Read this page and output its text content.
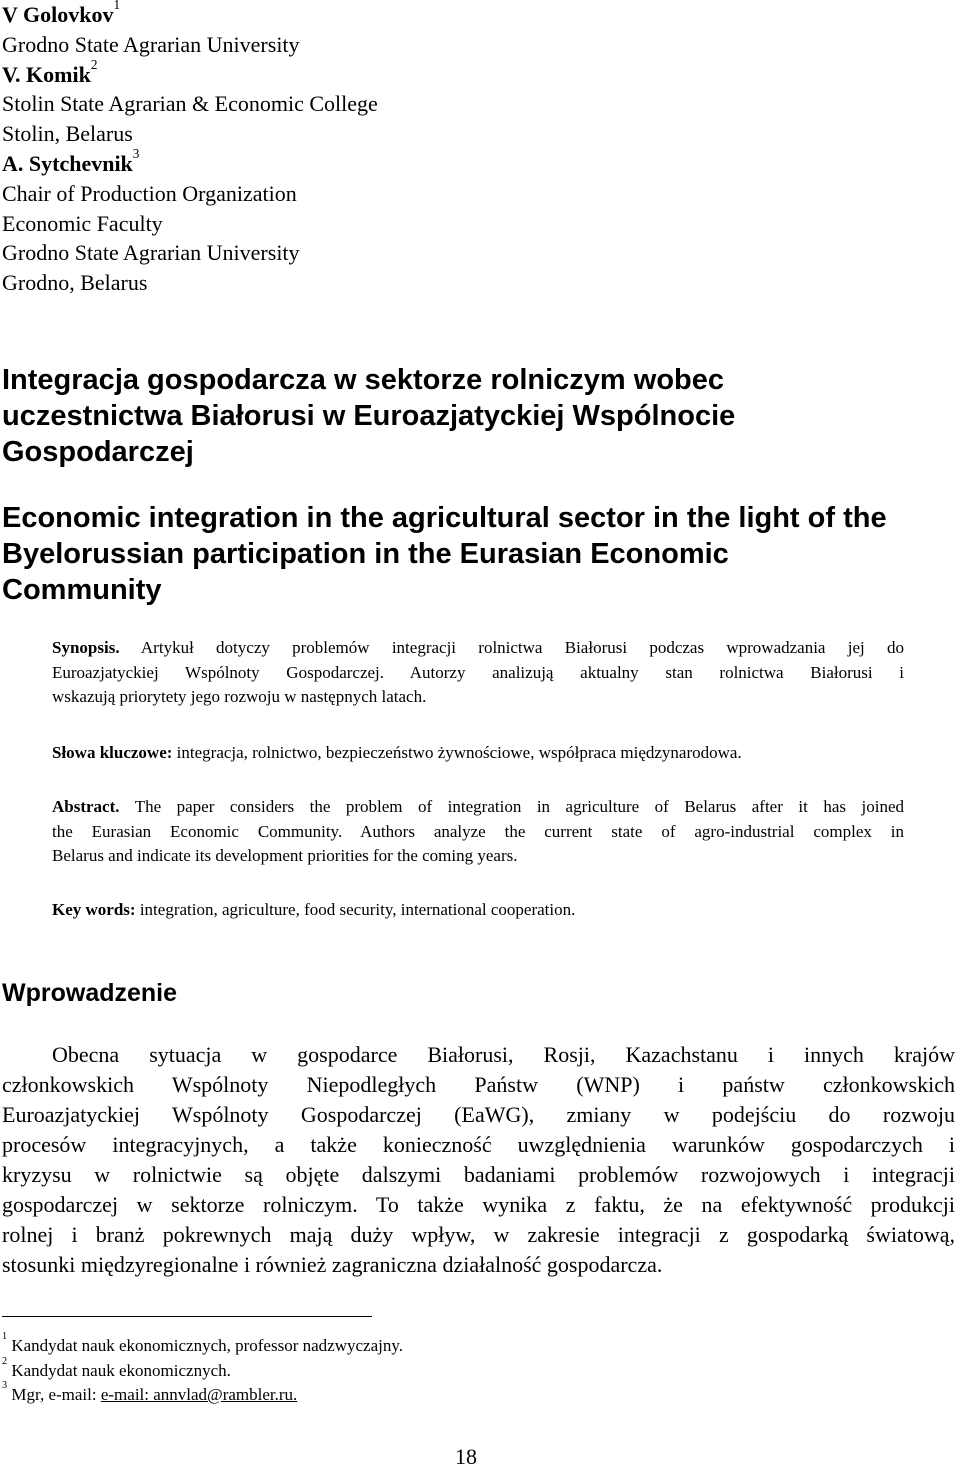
V Golovkov$^1$
Grodno State Agrarian University
V. Komik$^2$
Stolin State Agrarian & Economic College
Stolin, Belarus
A. Sytchevnik$^3$
Chair of Production Organization
Economic Faculty
Grodno State Agrarian University
Grodno, Belarus
Integracja gospodarcza w sektorze rolniczym wobec
uczestnictwa Białorusi w Euroazjatyckiej Wspólnocie
Gospodarczej
Economic integration in the agricultural sector in the light of the
Byelorussian participation in the Eurasian Economic
Community
Synopsis. Artykuł dotyczy problemów integracji rolnictwa Białorusi podczas wprowadzania jej do
Euroazjatyckiej Wspólnoty Gospodarczej. Autorzy analizują aktualny stan rolnictwa Białorusi i
wskazują priorytety jego rozwoju w następnych latach.
Słowa kluczowe: integracja, rolnictwo, bezpieczeństwo żywnościowe, współpraca międzynarodowa.
Abstract. The paper considers the problem of integration in agriculture of Belarus after it has joined
the Eurasian Economic Community. Authors analyze the current state of agro-industrial complex in
Belarus and indicate its development priorities for the coming years.
Key words: integration, agriculture, food security, international cooperation.
Wprowadzenie
Obecna sytuacja w gospodarce Białorusi, Rosji, Kazachstanu i innych krajów
członkowskich Wspólnoty Niepodległych Państw (WNP) i państw członkowskich
Euroazjatyckiej Wspólnoty Gospodarczej (EaWG), zmiany w podejściu do rozwoju
procesów integracyjnych, a także konieczność uwzględnienia warunków gospodarczych i
kryzysu w rolnictwie są objęte dalszymi badaniami problemów rozwojowych i integracji
gospodarczej w sektorze rolniczym. To także wynika z faktu, że na efektywność produkcji
rolnej i branż pokrewnych mają duży wpływ, w zakresie integracji z gospodarką światową,
stosunki międzyregionalne i również zagraniczna działalność gospodarcza.
$^1$ Kandydat nauk ekonomicznych, professor nadzwyczajny.
$^2$ Kandydat nauk ekonomicznych.
$^3$ Mgr, e-mail: e-mail: annvlad@rambler.ru.
18
